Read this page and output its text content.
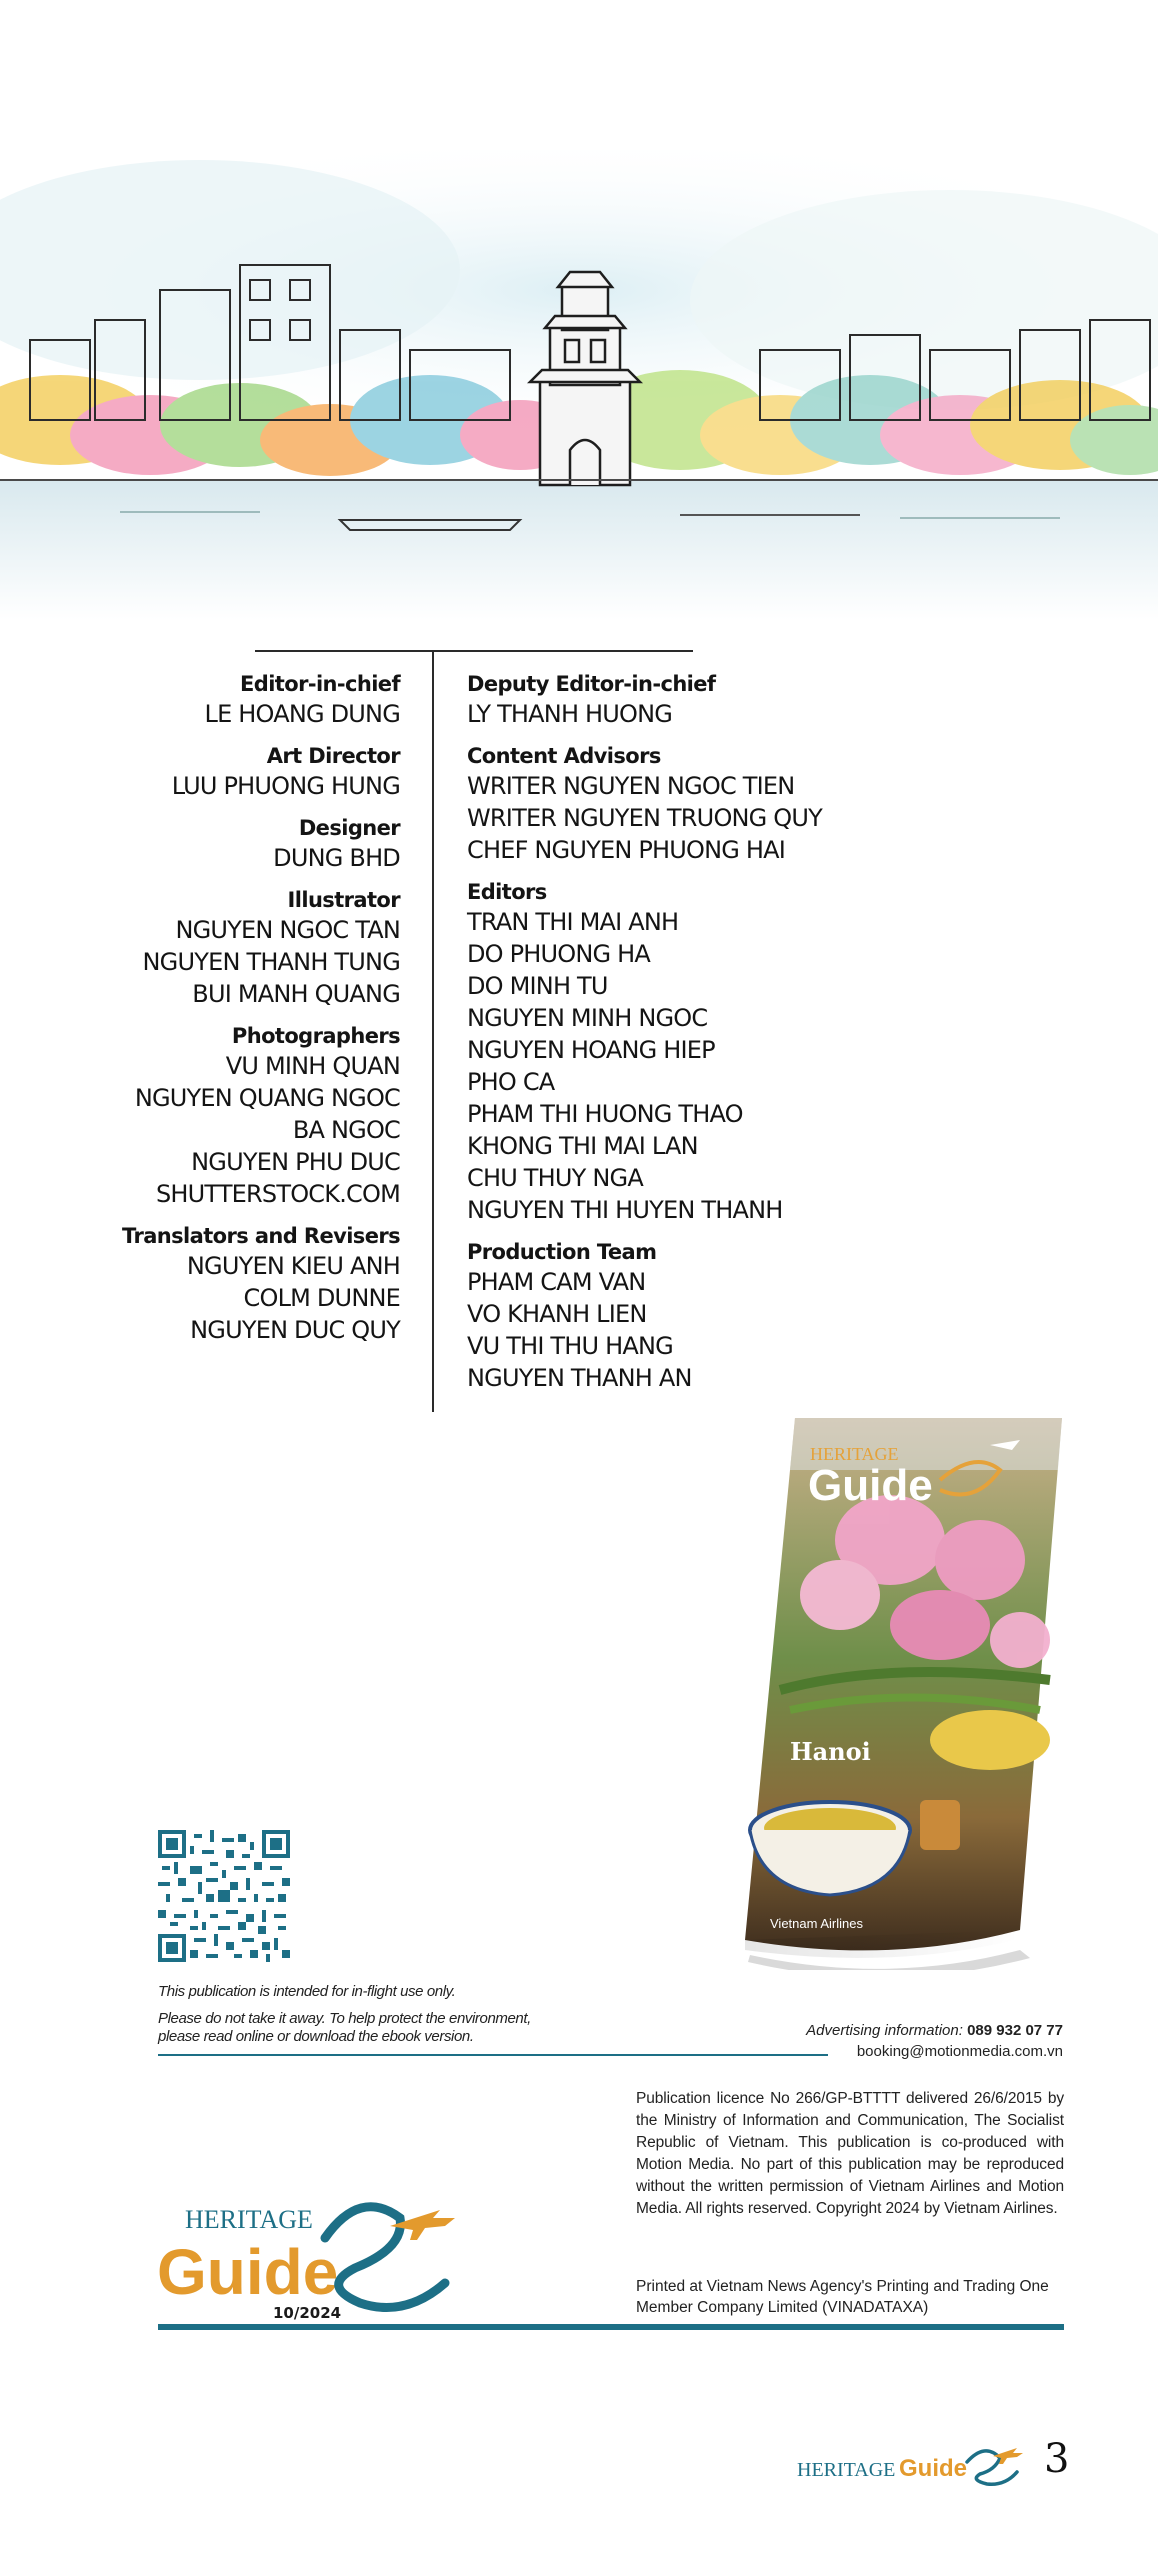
Editor-in-chief
LE HOANG DUNG
Art Director
LUU PHUONG HUNG
Designer
DUNG BHD
Illustrator
NGUYEN NGOC TAN
NGUYEN THANH TUNG
BUI MANH QUANG
Photographers
VU MINH QUAN
NGUYEN QUANG NGOC
BA NGOC
NGUYEN PHU DUC
SHUTTERSTOCK.COM
Translators and Revisers
NGUYEN KIEU ANH
COLM DUNNE
NGUYEN DUC QUY
Deputy Editor-in-chief
LY THANH HUONG
Content Advisors
WRITER NGUYEN NGOC TIEN
WRITER NGUYEN TRUONG QUY
CHEF NGUYEN PHUONG HAI
Editors
TRAN THI MAI ANH
DO PHUONG HA
DO MINH TU
NGUYEN MINH NGOC
NGUYEN HOANG HIEP
PHO CA
PHAM THI HUONG THAO
KHONG THI MAI LAN
CHU THUY NGA
NGUYEN THI HUYEN THANH
Production Team
PHAM CAM VAN
VO KHANH LIEN
VU THI THU HANG
NGUYEN THANH AN
HERITAGE
Guide
Hanoi
Vietnam Airlines
This publication is intended for in-flight use only.
Please do not take it away. To help protect the environment,
please read online or download the ebook version.	Advertising information: 089 932 07 77
booking@motionmedia.com.vn
Publication licence No 266/GP-BTTTT delivered 26/6/2015 by the Ministry of Information and Communication, The Socialist Republic of Vietnam. This publication is co-produced with Motion Media. No part of this publication may be reproduced without the written permission of Vietnam Airlines and Motion Media. All rights reserved. Copyright 2024 by Vietnam Airlines.
Printed at Vietnam News Agency's Printing and Trading One Member Company Limited (VINADATAXA)
HERITAGE
Guide
10/2024
HERITAGE Guide 3
